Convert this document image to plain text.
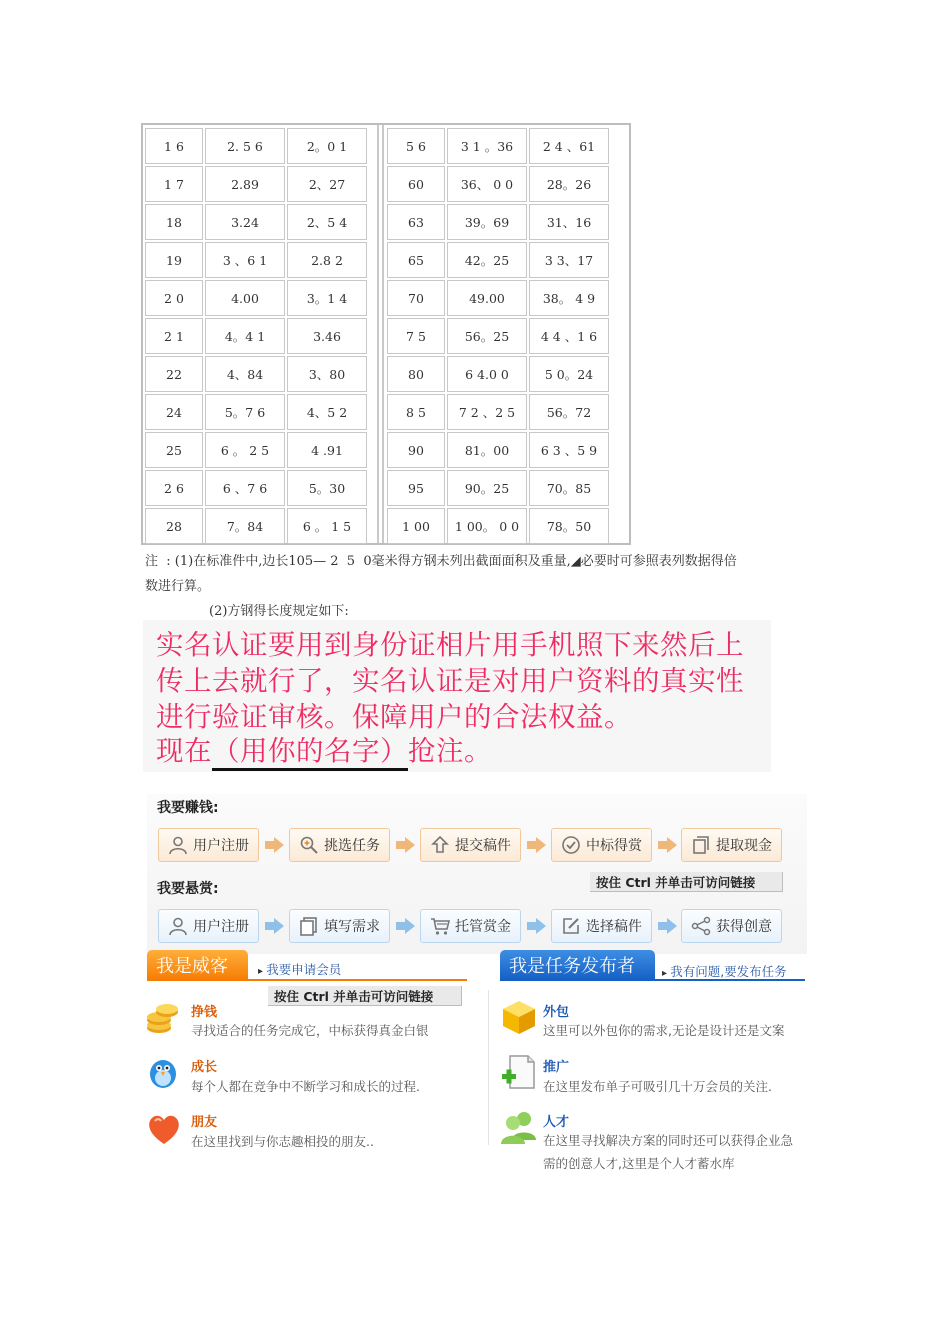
1 6	2. 5 6	2。0 1
1 7	2.89	2、27
18	3.24	2、5 4
19	3 、6 1	2.8 2
2 0	4.00	3。1 4
2 1	4。4 1	3.46
22	4、84	3、80
24	5。7 6	4、5 2
25	6 。 2 5	4 .91
2 6	6 、7 6	5。30
28	7。84	6 。 1 5
5 6	3 1 。36	2 4 、61
60	36、 0 0	28。26
63	39。69	31、16
65	42。25	3 3、17
70	49.00	38。 4 9
7 5	56。25	4 4 、1 6
80	6 4.0 0	5 0。24
8 5	7 2 、2 5	56。72
90	81。00	6 3 、5 9
95	90。25	70。85
1 00	1 00。 0 0	78。50
注  : (1)在标准件中,边长105— 2  5  0毫米得方钢未列出截面面积及重量,◢必要时可参照表列数据得倍
数进行算。
(2)方钢得长度规定如下:
实名认证要用到身份证相片用手机照下来然后上
传上去就行了，实名认证是对用户资料的真实性
进行验证审核。保障用户的合法权益。
现在（用你的名字）抢注。
我要赚钱:
我要悬赏:	按住 Ctrl 并单击可访问链接
用户注册	挑选任务	提交稿件	中标得赏	提取现金
用户注册	填写需求	托管赏金	选择稿件	获得创意
我是威客	▸ 我要申请会员
按住 Ctrl 并单击可访问链接
我是任务发布者	▸ 我有问题,要发布任务
挣钱
寻找适合的任务完成它，中标获得真金白银
成长
每个人都在竞争中不断学习和成长的过程.
朋友
在这里找到与你志趣相投的朋友..
外包
这里可以外包你的需求,无论是设计还是文案
推广
在这里发布单子可吸引几十万会员的关注.
人才
在这里寻找解决方案的同时还可以获得企业急
需的创意人才,这里是个人才蓄水库
